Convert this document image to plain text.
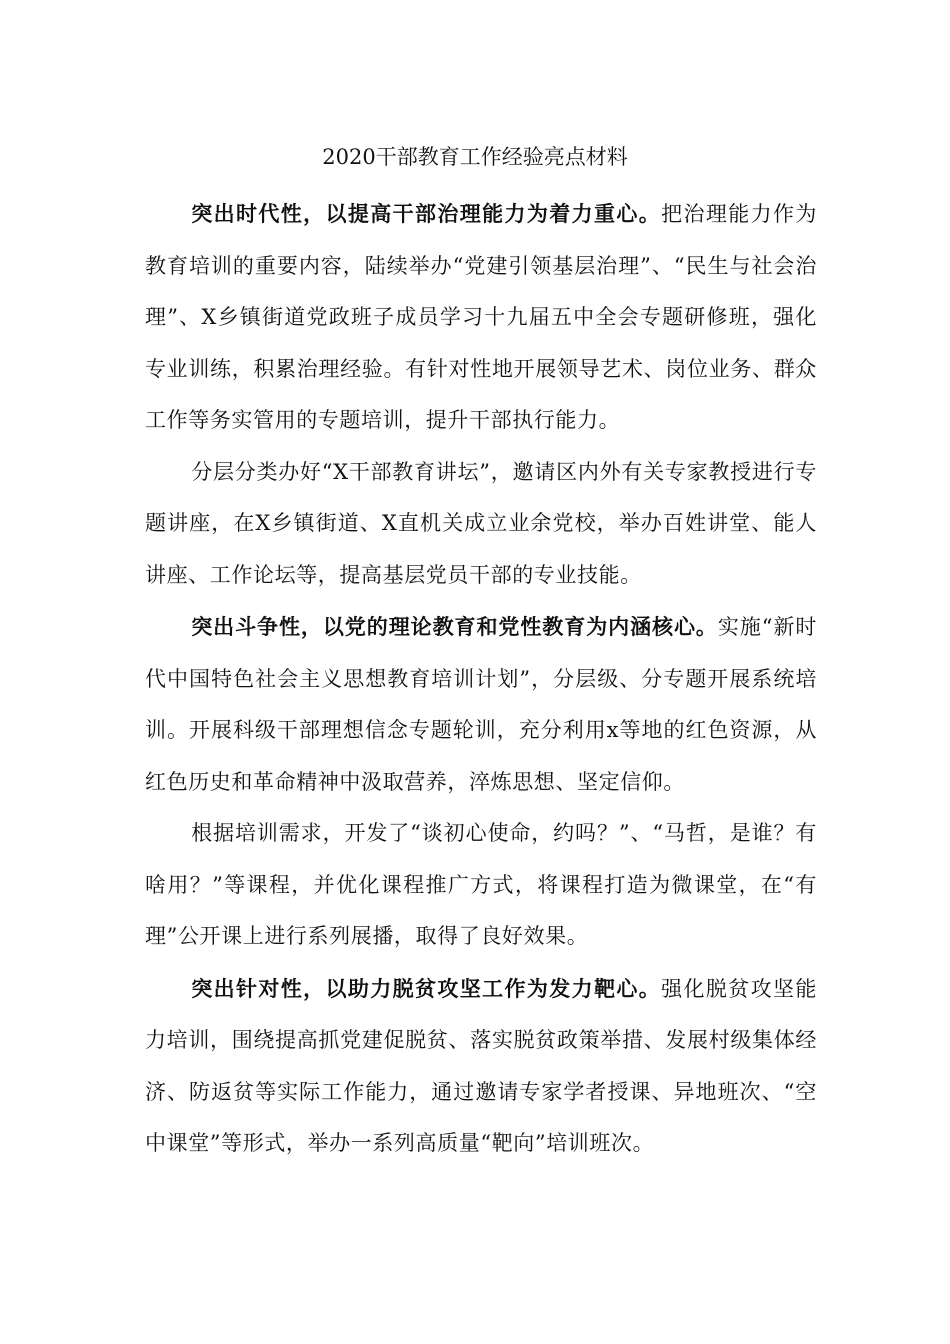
2020干部教育工作经验亮点材料

突出时代性，以提高干部治理能力为着力重心。把治理能力作为教育培训的重要内容，陆续举办“党建引领基层治理”、“民生与社会治理”、X乡镇街道党政班子成员学习十九届五中全会专题研修班，强化专业训练，积累治理经验。有针对性地开展领导艺术、岗位业务、群众工作等务实管用的专题培训，提升干部执行能力。

分层分类办好“X干部教育讲坛”，邀请区内外有关专家教授进行专题讲座，在X乡镇街道、X直机关成立业余党校，举办百姓讲堂、能人讲座、工作论坛等，提高基层党员干部的专业技能。

突出斗争性，以党的理论教育和党性教育为内涵核心。实施“新时代中国特色社会主义思想教育培训计划”，分层级、分专题开展系统培训。开展科级干部理想信念专题轮训，充分利用x等地的红色资源，从红色历史和革命精神中汲取营养，淬炼思想、坚定信仰。

根据培训需求，开发了“谈初心使命，约吗？”、“马哲，是谁？有啥用？”等课程，并优化课程推广方式，将课程打造为微课堂，在“有理”公开课上进行系列展播，取得了良好效果。

突出针对性，以助力脱贫攻坚工作为发力靶心。强化脱贫攻坚能力培训，围绕提高抓党建促脱贫、落实脱贫政策举措、发展村级集体经济、防返贫等实际工作能力，通过邀请专家学者授课、异地班次、“空中课堂”等形式，举办一系列高质量“靶向”培训班次。
